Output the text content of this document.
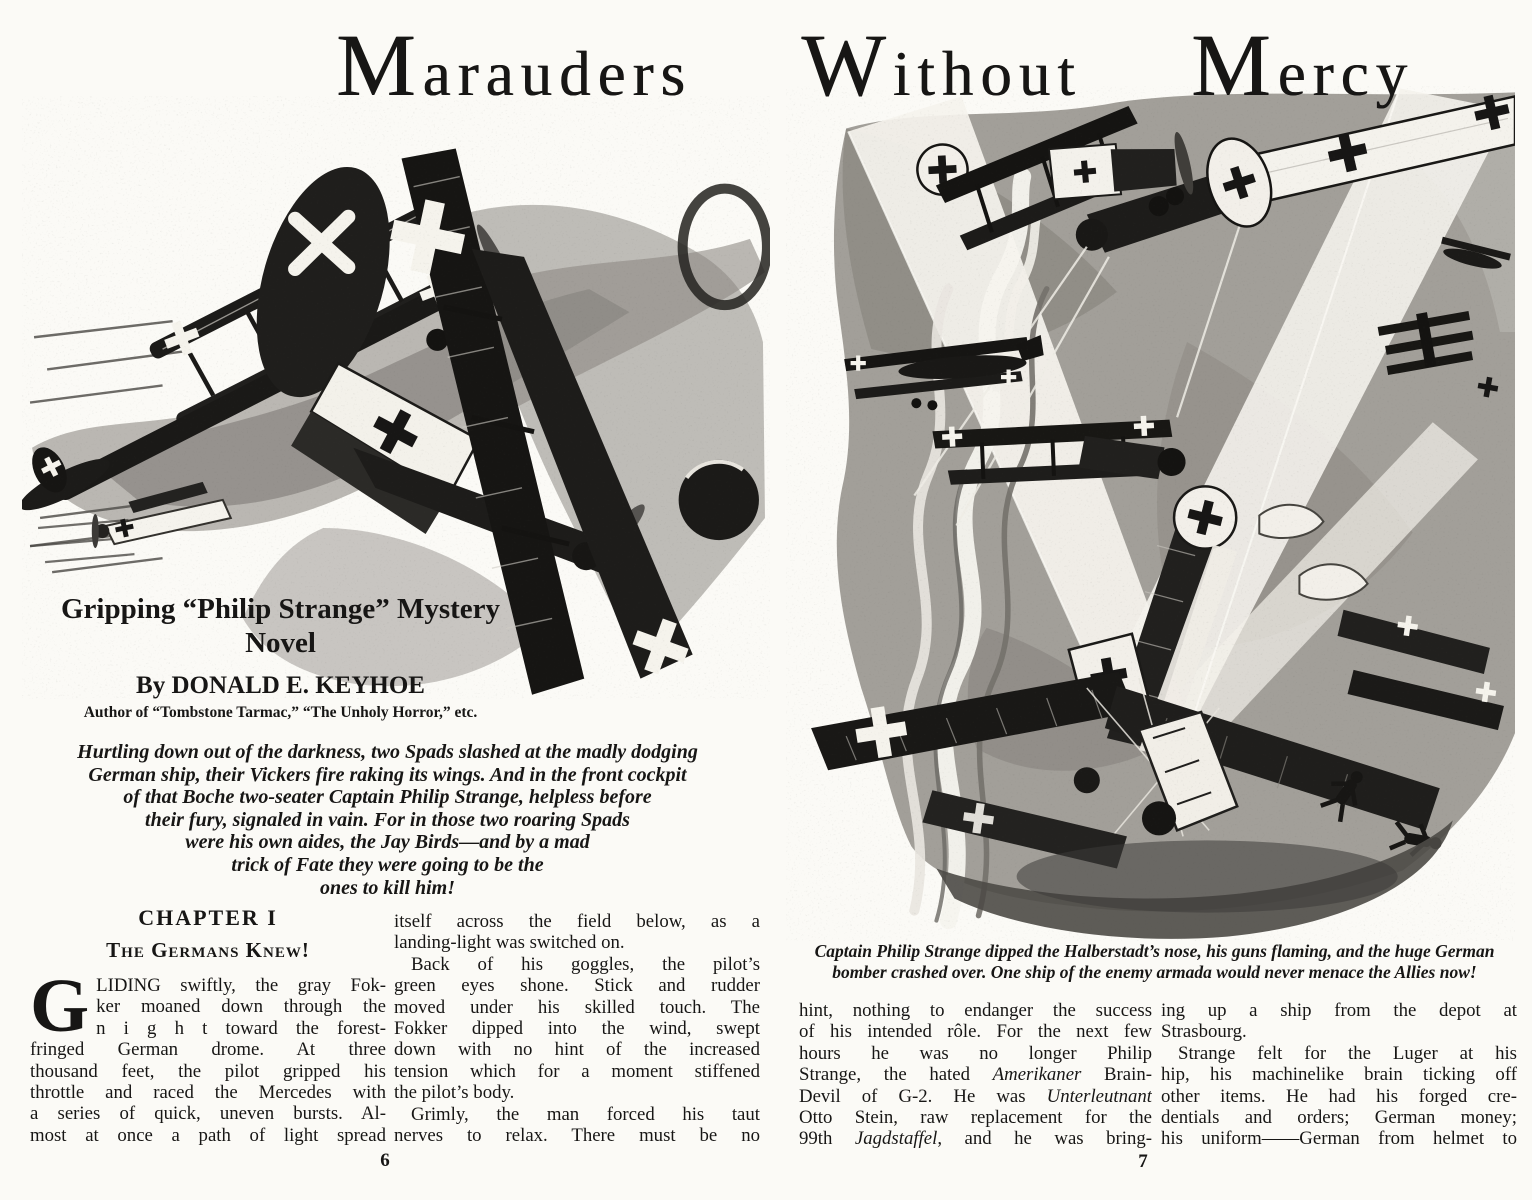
Marauders Without Mercy
Gripping “Philip Strange” Mystery
Novel
By DONALD E. KEYHOE
Author of “Tombstone Tarmac,” “The Unholy Horror,” etc.
Hurtling down out of the darkness, two Spads slashed at the madly dodging
German ship, their Vickers fire raking its wings. And in the front cockpit
of that Boche two-seater Captain Philip Strange, helpless before
their fury, signaled in vain. For in those two roaring Spads
were his own aides, the Jay Birds—and by a mad
trick of Fate they were going to be the
ones to kill him!
CHAPTER I
The Germans Knew!
G LIDING swiftly, the gray Fok-
ker moaned down through the
n i g h t toward the forest-
fringed German drome. At three
thousand feet, the pilot gripped his
throttle and raced the Mercedes with
a series of quick, uneven bursts. Al-
most at once a path of light spread
itself across the field below, as a
landing-light was switched on.
Back of his goggles, the pilot’s
green eyes shone. Stick and rudder
moved under his skilled touch. The
Fokker dipped into the wind, swept
down with no hint of the increased
tension which for a moment stiffened
the pilot’s body.
Grimly, the man forced his taut
nerves to relax. There must be no
6
Captain Philip Strange dipped the Halberstadt’s nose, his guns flaming, and the huge German
bomber crashed over. One ship of the enemy armada would never menace the Allies now!
hint, nothing to endanger the success
of his intended rôle. For the next few
hours he was no longer Philip
Strange, the hated Amerikaner Brain-
Devil of G-2. He was Unterleutnant
Otto Stein, raw replacement for the
99th Jagdstaffel, and he was bring-
ing up a ship from the depot at
Strasbourg.
Strange felt for the Luger at his
hip, his machinelike brain ticking off
other items. He had his forged cre-
dentials and orders; German money;
his uniform——German from helmet to
7
